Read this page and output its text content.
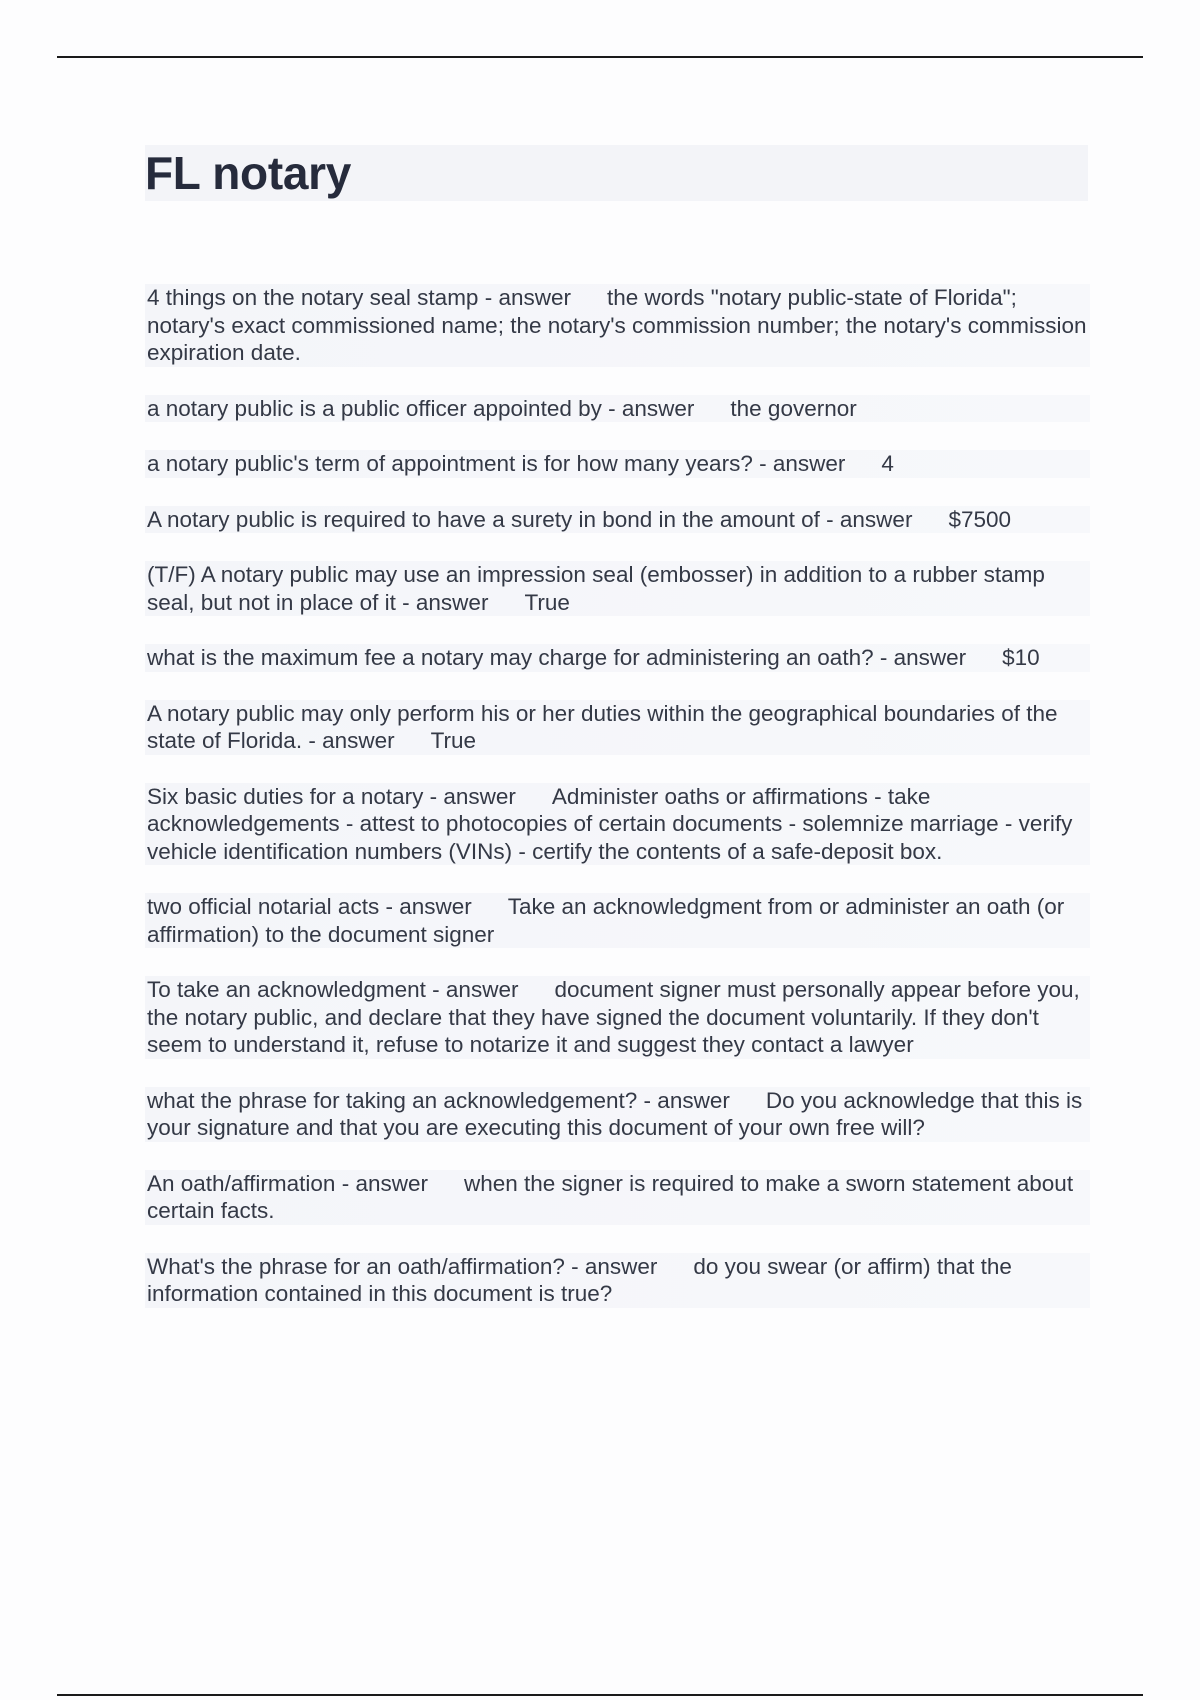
FL notary
4 things on the notary seal stamp - answer the words "notary public-state of Florida"; notary's exact commissioned name; the notary's commission number; the notary's commission expiration date.
a notary public is a public officer appointed by - answer the governor
a notary public's term of appointment is for how many years? - answer 4
A notary public is required to have a surety in bond in the amount of - answer $7500
(T/F) A notary public may use an impression seal (embosser) in addition to a rubber stamp seal, but not in place of it - answer True
what is the maximum fee a notary may charge for administering an oath? - answer $10
A notary public may only perform his or her duties within the geographical boundaries of the state of Florida. - answer True
Six basic duties for a notary - answer Administer oaths or affirmations - take acknowledgements - attest to photocopies of certain documents - solemnize marriage - verify vehicle identification numbers (VINs) - certify the contents of a safe-deposit box.
two official notarial acts - answer Take an acknowledgment from or administer an oath (or affirmation) to the document signer
To take an acknowledgment - answer document signer must personally appear before you, the notary public, and declare that they have signed the document voluntarily. If they don't seem to understand it, refuse to notarize it and suggest they contact a lawyer
what the phrase for taking an acknowledgement? - answer Do you acknowledge that this is your signature and that you are executing this document of your own free will?
An oath/affirmation - answer when the signer is required to make a sworn statement about certain facts.
What's the phrase for an oath/affirmation? - answer do you swear (or affirm) that the information contained in this document is true?
